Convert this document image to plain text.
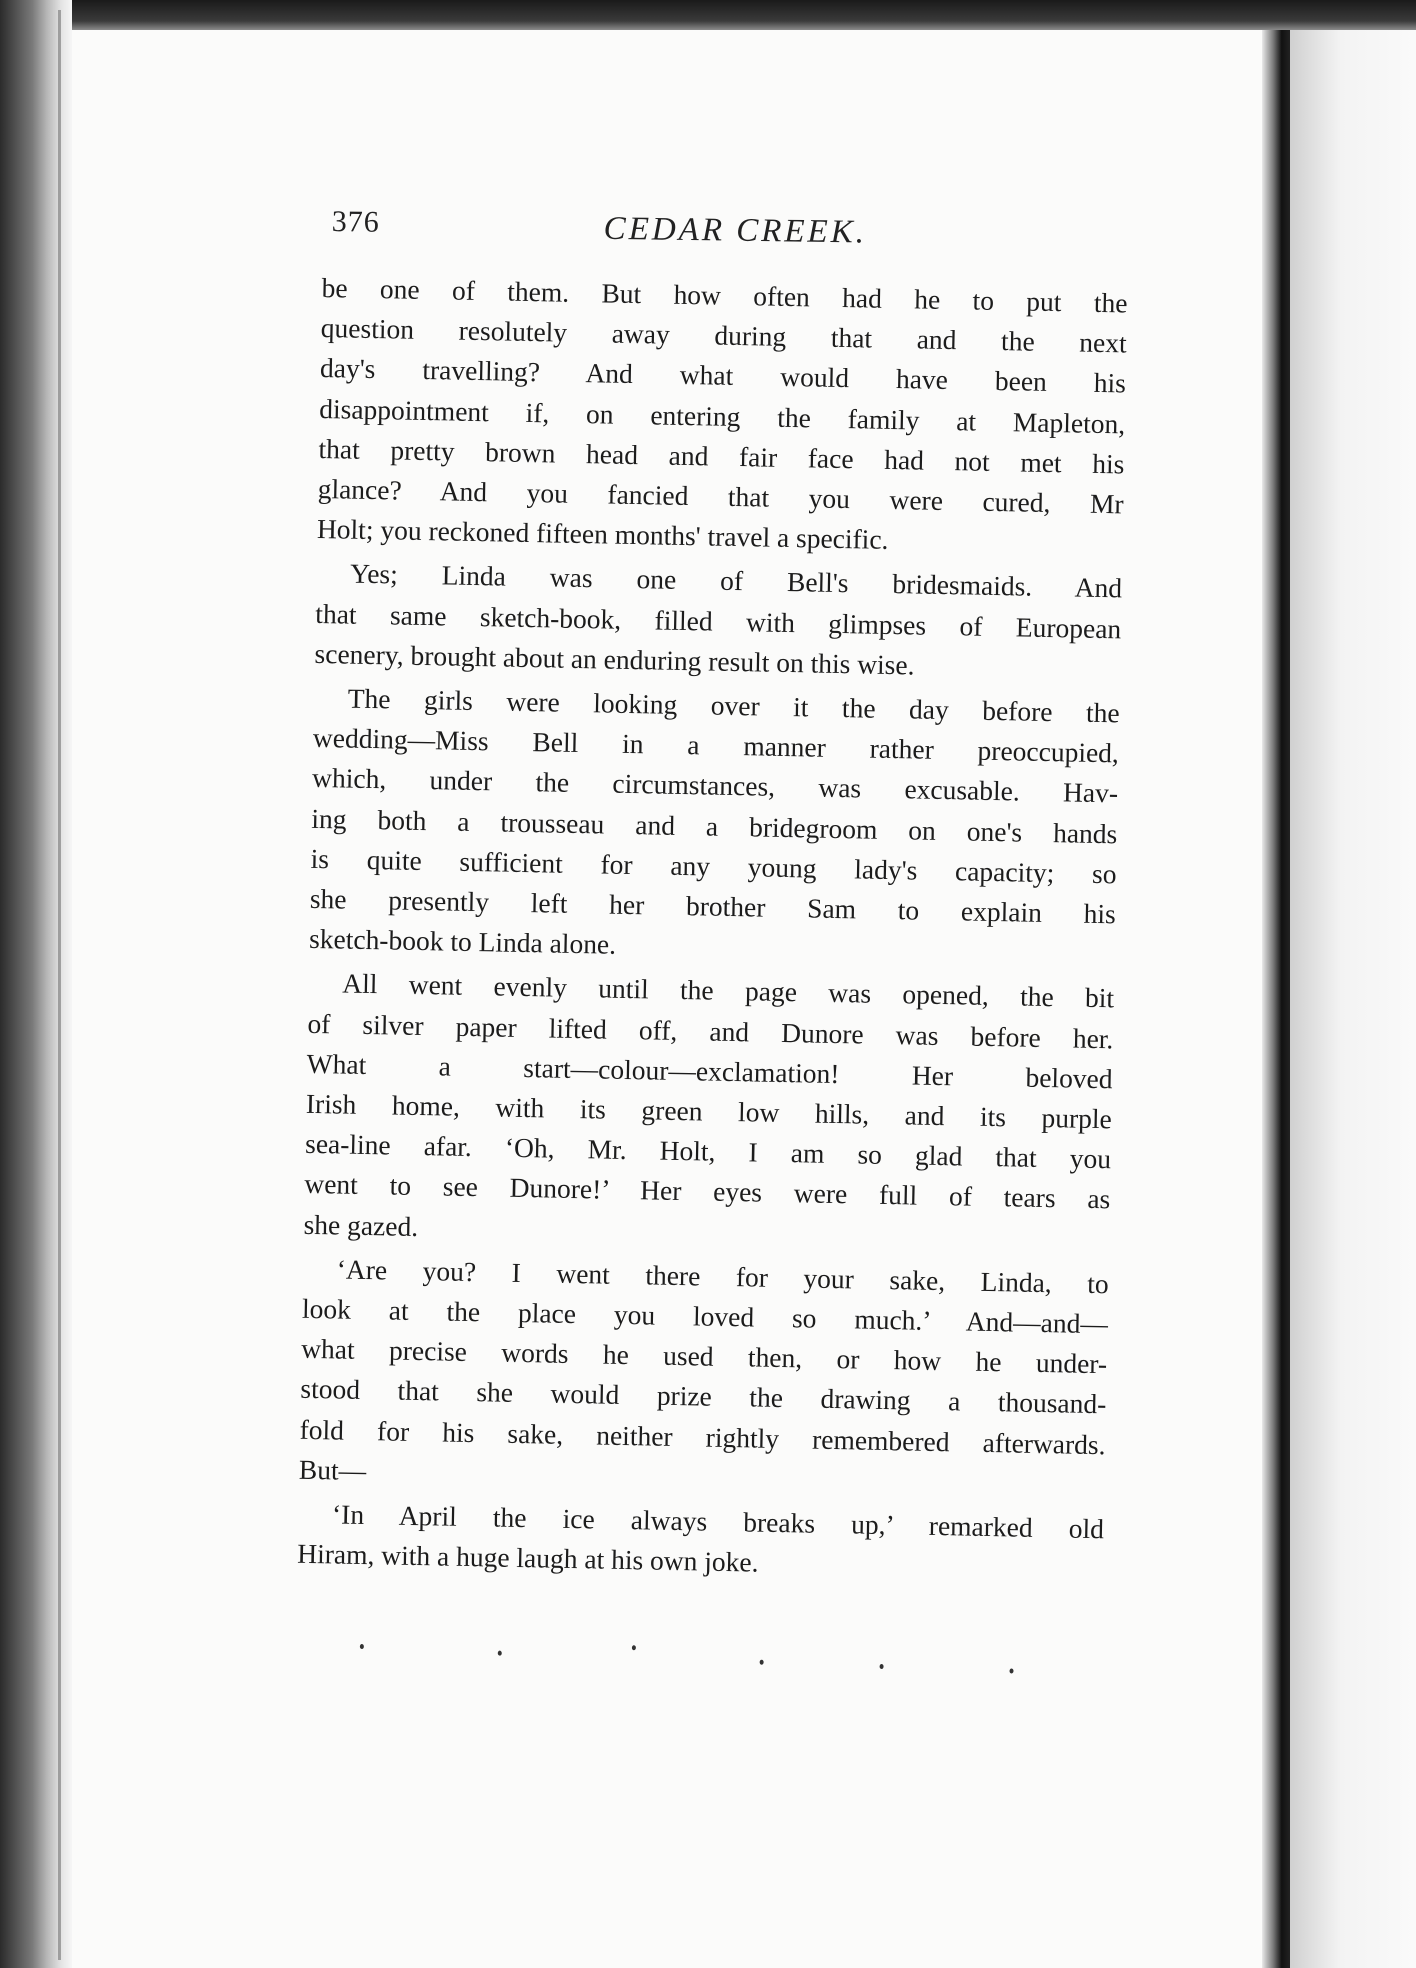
376	CEDAR CREEK.
be one of them. But how often had he to put the
question resolutely away during that and the next
day's travelling? And what would have been his
disappointment if, on entering the family at Mapleton,
that pretty brown head and fair face had not met his
glance? And you fancied that you were cured, Mr
Holt; you reckoned fifteen months' travel a specific.
Yes; Linda was one of Bell's bridesmaids. And
that same sketch-book, filled with glimpses of European
scenery, brought about an enduring result on this wise.
The girls were looking over it the day before the
wedding—Miss Bell in a manner rather preoccupied,
which, under the circumstances, was excusable. Hav-
ing both a trousseau and a bridegroom on one's hands
is quite sufficient for any young lady's capacity; so
she presently left her brother Sam to explain his
sketch-book to Linda alone.
All went evenly until the page was opened, the bit
of silver paper lifted off, and Dunore was before her.
What a start—colour—exclamation! Her beloved
Irish home, with its green low hills, and its purple
sea-line afar. ‘Oh, Mr. Holt, I am so glad that you
went to see Dunore!’ Her eyes were full of tears as
she gazed.
‘Are you? I went there for your sake, Linda, to
look at the place you loved so much.’ And—and—
what precise words he used then, or how he under-
stood that she would prize the drawing a thousand-
fold for his sake, neither rightly remembered afterwards.
But—
‘In April the ice always breaks up,’ remarked old
Hiram, with a huge laugh at his own joke.
